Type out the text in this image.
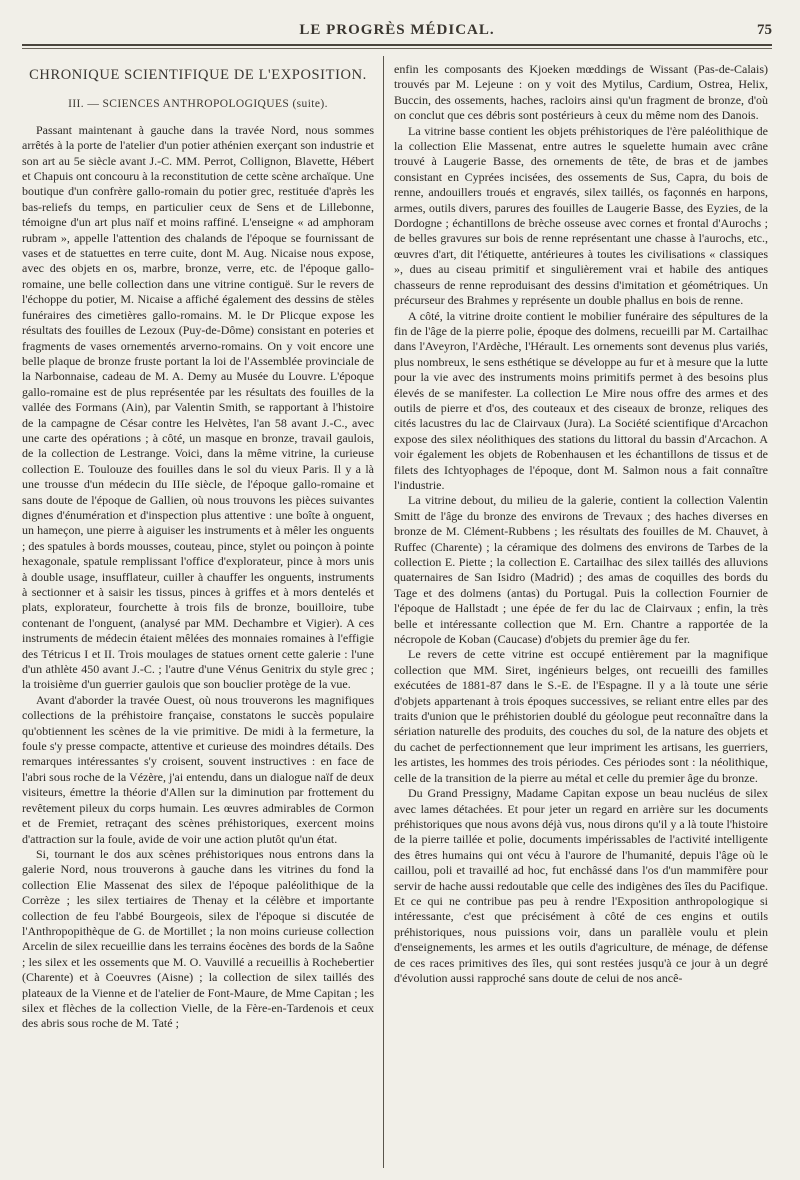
LE PROGRÈS MÉDICAL.	75
CHRONIQUE SCIENTIFIQUE DE L'EXPOSITION.
III. — SCIENCES ANTHROPOLOGIQUES (suite).

Passant maintenant à gauche dans la travée Nord, nous sommes arrêtés à la porte de l'atelier d'un potier athénien exerçant son industrie et son art au 5e siècle avant J.-C. MM. Perrot, Collignon, Blavette, Hébert et Chapuis ont concouru à la reconstitution de cette scène archaïque. Une boutique d'un confrère gallo-romain du potier grec, restituée d'après les bas-reliefs du temps, en particulier ceux de Sens et de Lillebonne, témoigne d'un art plus naïf et moins raffiné. L'enseigne « ad amphoram rubram », appelle l'attention des chalands de l'époque se fournissant de vases et de statuettes en terre cuite, dont M. Aug. Nicaise nous expose, avec des objets en os, marbre, bronze, verre, etc. de l'époque gallo-romaine, une belle collection dans une vitrine contiguë. Sur le revers de l'échoppe du potier, M. Nicaise a affiché également des dessins de stèles funéraires des cimetières gallo-romains. M. le Dr Plicque expose les résultats des fouilles de Lezoux (Puy-de-Dôme) consistant en poteries et fragments de vases ornementés arverno-romains. On y voit encore une belle plaque de bronze fruste portant la loi de l'Assemblée provinciale de la Narbonnaise, cadeau de M. A. Demy au Musée du Louvre. L'époque gallo-romaine est de plus représentée par les résultats des fouilles de la vallée des Formans (Ain), par Valentin Smith, se rapportant à l'histoire de la campagne de César contre les Helvètes, l'an 58 avant J.-C., avec une carte des opérations ; à côté, un masque en bronze, travail gaulois, de la collection de Lestrange. Voici, dans la même vitrine, la curieuse collection E. Toulouze des fouilles dans le sol du vieux Paris. Il y a là une trousse d'un médecin du IIIe siècle, de l'époque gallo-romaine et sans doute de l'époque de Gallien, où nous trouvons les pièces suivantes dignes d'énumération et d'inspection plus attentive : une boîte à onguent, un hameçon, une pierre à aiguiser les instruments et à mêler les onguents ; des spatules à bords mousses, couteau, pince, stylet ou poinçon à pointe hexagonale, spatule remplissant l'office d'explorateur, pince à mors unis à double usage, insufflateur, cuiller à chauffer les onguents, instruments à sectionner et à saisir les tissus, pinces à griffes et à mors dentelés et plats, explorateur, fourchette à trois fils de bronze, bouilloire, tube contenant de l'onguent, (analysé par MM. Dechambre et Vigier). A ces instruments de médecin étaient mêlées des monnaies romaines à l'effigie des Tétricus I et II. Trois moulages de statues ornent cette galerie : l'une d'un athlète 450 avant J.-C. ; l'autre d'une Vénus Genitrix du style grec ; la troisième d'un guerrier gaulois que son bouclier protège de la vue.

Avant d'aborder la travée Ouest, où nous trouverons les magnifiques collections de la préhistoire française, constatons le succès populaire qu'obtiennent les scènes de la vie primitive. De midi à la fermeture, la foule s'y presse compacte, attentive et curieuse des moindres détails. Des remarques intéressantes s'y croisent, souvent instructives : en face de l'abri sous roche de la Vézère, j'ai entendu, dans un dialogue naïf de deux visiteurs, émettre la théorie d'Allen sur la diminution par frottement du revêtement pileux du corps humain. Les œuvres admirables de Cormon et de Fremiet, retraçant des scènes préhistoriques, exercent moins d'attraction sur la foule, avide de voir une action plutôt qu'un état.

Si, tournant le dos aux scènes préhistoriques nous entrons dans la galerie Nord, nous trouverons à gauche dans les vitrines du fond la collection Elie Massenat des silex de l'époque paléolithique de la Corrèze ; les silex tertiaires de Thenay et la célèbre et importante collection de feu l'abbé Bourgeois, silex de l'époque si discutée de l'Anthropopithèque de G. de Mortillet ; la non moins curieuse collection Arcelin de silex recueillie dans les terrains éocènes des bords de la Saône ; les silex et les ossements que M. O. Vauvillé a recueillis à Rochebertier (Charente) et à Coeuvres (Aisne) ; la collection de silex taillés des plateaux de la Vienne et de l'atelier de Font-Maure, de Mme Capitan ; les silex et flèches de la collection Vielle, de la Fère-en-Tardenois et ceux des abris sous roche de M. Taté ;

enfin les composants des Kjoeken mœddings de Wissant (Pas-de-Calais) trouvés par M. Lejeune : on y voit des Mytilus, Cardium, Ostrea, Helix, Buccin, des ossements, haches, racloirs ainsi qu'un fragment de bronze, d'où on conclut que ces débris sont postérieurs à ceux du même nom des Danois.

La vitrine basse contient les objets préhistoriques de l'ère paléolithique de la collection Elie Massenat, entre autres le squelette humain avec crâne trouvé à Laugerie Basse, des ornements de tête, de bras et de jambes consistant en Cyprées incisées, des ossements de Sus, Capra, du bois de renne, andouillers troués et engravés, silex taillés, os façonnés en harpons, armes, outils divers, parures des fouilles de Laugerie Basse, des Eyzies, de la Dordogne ; échantillons de brèche osseuse avec cornes et frontal d'Aurochs ; de belles gravures sur bois de renne représentant une chasse à l'aurochs, etc., œuvres d'art, dit l'étiquette, antérieures à toutes les civilisations « classiques », dues au ciseau primitif et singulièrement vrai et habile des antiques chasseurs de renne reproduisant des dessins d'imitation et géométriques. Un précurseur des Brahmes y représente un double phallus en bois de renne.

A côté, la vitrine droite contient le mobilier funéraire des sépultures de la fin de l'âge de la pierre polie, époque des dolmens, recueilli par M. Cartailhac dans l'Aveyron, l'Ardèche, l'Hérault. Les ornements sont devenus plus variés, plus nombreux, le sens esthétique se développe au fur et à mesure que la lutte pour la vie avec des instruments moins primitifs permet à des besoins plus élevés de se manifester. La collection Le Mire nous offre des armes et des outils de pierre et d'os, des couteaux et des ciseaux de bronze, reliques des cités lacustres du lac de Clairvaux (Jura). La Société scientifique d'Arcachon expose des silex néolithiques des stations du littoral du bassin d'Arcachon. A voir également les objets de Robenhausen et les échantillons de tissus et de filets des Ichtyophages de l'époque, dont M. Salmon nous a fait connaître l'industrie.

La vitrine debout, du milieu de la galerie, contient la collection Valentin Smitt de l'âge du bronze des environs de Trevaux ; des haches diverses en bronze de M. Clément-Rubbens ; les résultats des fouilles de M. Chauvet, à Ruffec (Charente) ; la céramique des dolmens des environs de Tarbes de la collection E. Piette ; la collection E. Cartailhac des silex taillés des alluvions quaternaires de San Isidro (Madrid) ; des amas de coquilles des bords du Tage et des dolmens (antas) du Portugal. Puis la collection Fournier de l'époque de Hallstadt ; une épée de fer du lac de Clairvaux ; enfin, la très belle et intéressante collection que M. Ern. Chantre a rapportée de la nécropole de Koban (Caucase) d'objets du premier âge du fer.

Le revers de cette vitrine est occupé entièrement par la magnifique collection que MM. Siret, ingénieurs belges, ont recueilli des familles exécutées de 1881-87 dans le S.-E. de l'Espagne. Il y a là toute une série d'objets appartenant à trois époques successives, se reliant entre elles par des traits d'union que le préhistorien doublé du géologue peut reconnaître dans la sériation naturelle des produits, des couches du sol, de la nature des objets et du cachet de perfectionnement que leur impriment les artisans, les guerriers, les artistes, les hommes des trois périodes. Ces périodes sont : la néolithique, celle de la transition de la pierre au métal et celle du premier âge du bronze.

Du Grand Pressigny, Madame Capitan expose un beau nucléus de silex avec lames détachées. Et pour jeter un regard en arrière sur les documents préhistoriques que nous avons déjà vus, nous dirons qu'il y a là toute l'histoire de la pierre taillée et polie, documents impérissables de l'activité intelligente des êtres humains qui ont vécu à l'aurore de l'humanité, depuis l'âge où le caillou, poli et travaillé ad hoc, fut enchâssé dans l'os d'un mammifère pour servir de hache aussi redoutable que celle des indigènes des îles du Pacifique. Et ce qui ne contribue pas peu à rendre l'Exposition anthropologique si intéressante, c'est que précisément à côté de ces engins et outils préhistoriques, nous puissions voir, dans un parallèle voulu et plein d'enseignements, les armes et les outils d'agriculture, de ménage, de défense de ces races primitives des îles, qui sont restées jusqu'à ce jour à un degré d'évolution aussi rapproché sans doute de celui de nos ancê-
